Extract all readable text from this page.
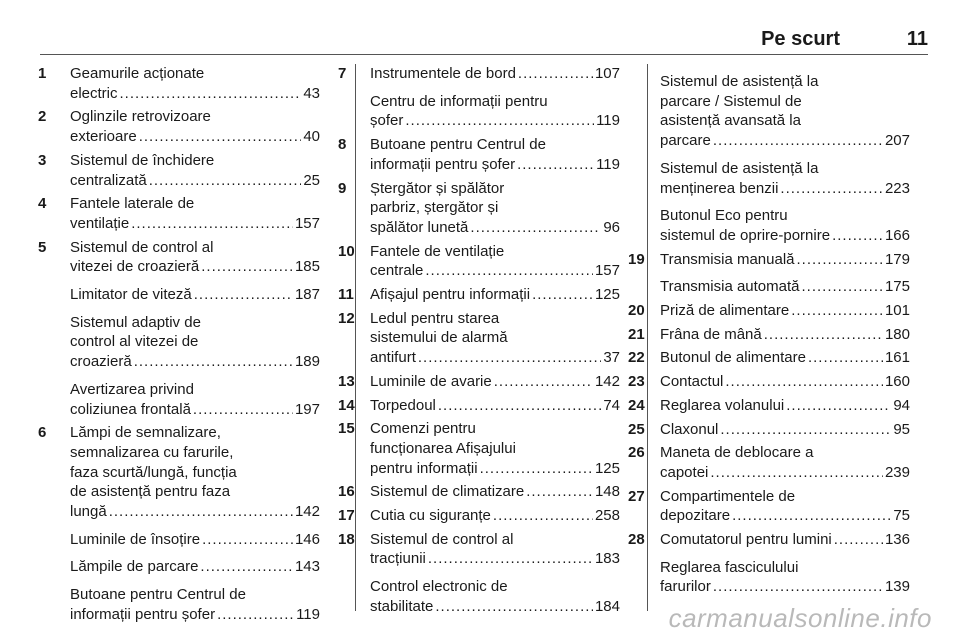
Pe scurt	11
1	Geamurile acționate
electric .....	43
2	Oglinzile retrovizoare
exterioare .....	40
3	Sistemul de închidere
centralizată .....	25
4	Fantele laterale de
ventilație .....	157
5	Sistemul de control al
vitezei de croazieră .....	185
Limitator de viteză .....	187
Sistemul adaptiv de
control al vitezei de
croazieră .....	189
Avertizarea privind
coliziunea frontală .....	197
6	Lămpi de semnalizare,
semnalizarea cu farurile,
faza scurtă/lungă, funcția
de asistență pentru faza
lungă .....	142
Luminile de însoțire .....	146
Lămpile de parcare .....	143
Butoane pentru Centrul de
informații pentru șofer .....	119
7	Instrumentele de bord .....	107
Centru de informații pentru
șofer .....	119
8	Butoane pentru Centrul de
informații pentru șofer .....	119
9	Ștergător și spălător
parbriz, ștergător și
spălător lunetă .....	96
10	Fantele de ventilație
centrale .....	157
11	Afișajul pentru informații .....	125
12	Ledul pentru starea
sistemului de alarmă
antifurt .....	37
13	Luminile de avarie .....	142
14	Torpedoul .....	74
15	Comenzi pentru
funcționarea Afișajului
pentru informații .....	125
16	Sistemul de climatizare .....	148
17	Cutia cu siguranțe .....	258
18	Sistemul de control al
tracțiunii .....	183
Control electronic de
stabilitate .....	184
Sistemul de asistență la
parcare / Sistemul de
asistență avansată la
parcare .....	207
Sistemul de asistență la
menținerea benzii .....	223
Butonul Eco pentru
sistemul de oprire-pornire .....	166
19	Transmisia manuală .....	179
Transmisia automată .....	175
20	Priză de alimentare .....	101
21	Frâna de mână .....	180
22	Butonul de alimentare .....	161
23	Contactul .....	160
24	Reglarea volanului .....	94
25	Claxonul .....	95
26	Maneta de deblocare a
capotei .....	239
27	Compartimentele de
depozitare .....	75
28	Comutatorul pentru lumini .....	136
Reglarea fasciculului
farurilor .....	139
carmanualsonline.info
